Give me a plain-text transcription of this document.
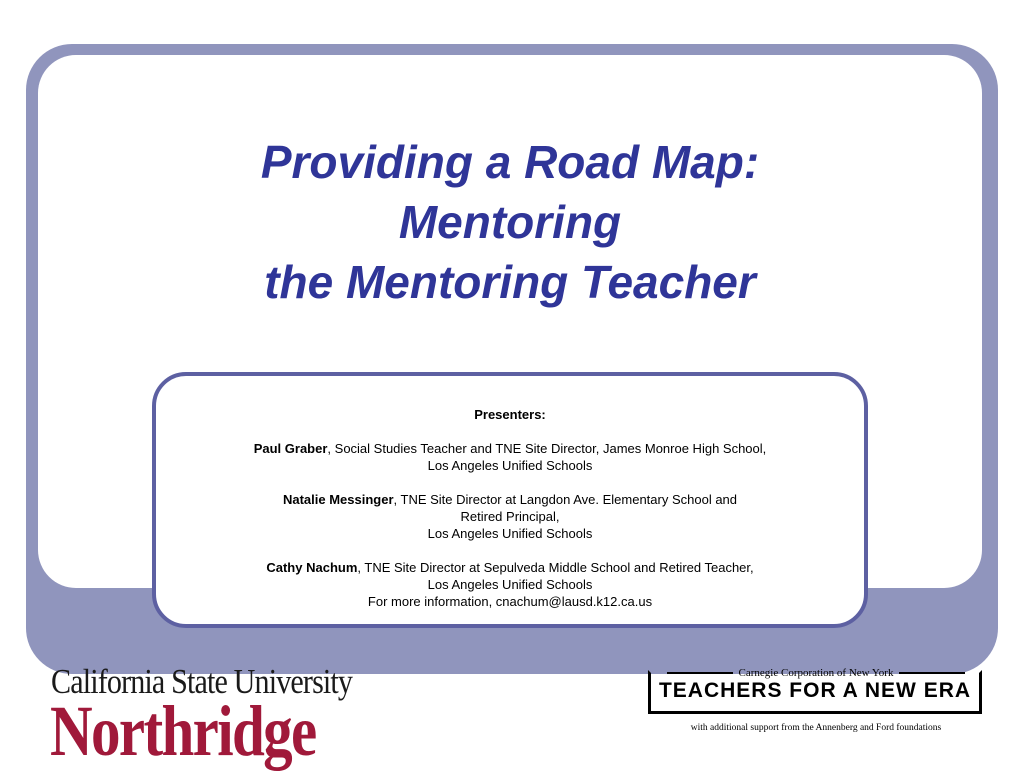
Providing a Road Map:
Mentoring
the Mentoring Teacher
Presenters:
Paul Graber, Social Studies Teacher and TNE Site Director, James Monroe High School,
Los Angeles Unified Schools
Natalie Messinger, TNE Site Director at Langdon Ave. Elementary School and
Retired Principal,
Los Angeles Unified Schools
Cathy Nachum, TNE Site Director at Sepulveda Middle School and Retired Teacher,
Los Angeles Unified Schools
For more information, cnachum@lausd.k12.ca.us
California State University
Northridge
Carnegie Corporation of New York
TEACHERS FOR A NEW ERA
with additional support from the Annenberg and Ford foundations
